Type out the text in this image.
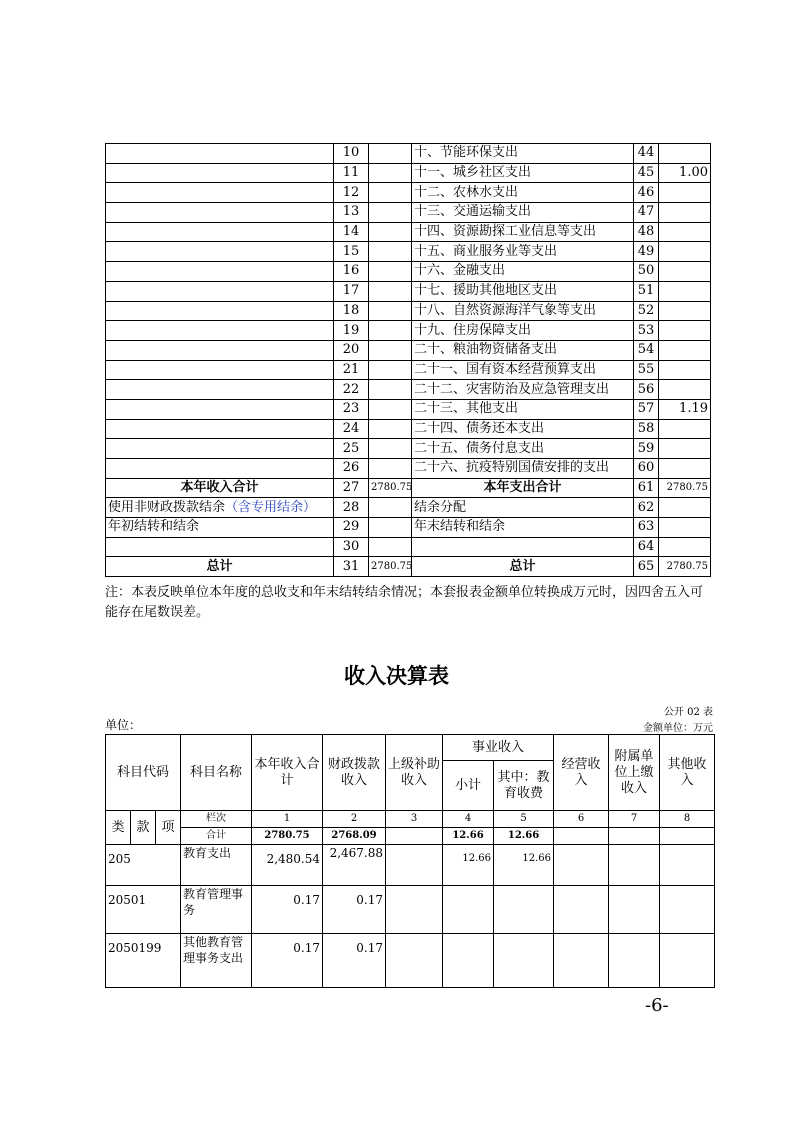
	10		十、节能环保支出	44	
	11		十一、城乡社区支出	45	1.00
	12		十二、农林水支出	46	
	13		十三、交通运输支出	47	
	14		十四、资源勘探工业信息等支出	48	
	15		十五、商业服务业等支出	49	
	16		十六、金融支出	50	
	17		十七、援助其他地区支出	51	
	18		十八、自然资源海洋气象等支出	52	
	19		十九、住房保障支出	53	
	20		二十、粮油物资储备支出	54	
	21		二十一、国有资本经营预算支出	55	
	22		二十二、灾害防治及应急管理支出	56	
	23		二十三、其他支出	57	1.19
	24		二十四、债务还本支出	58	
	25		二十五、债务付息支出	59	
	26		二十六、抗疫特别国债安排的支出	60	
本年收入合计	27	2780.75	本年支出合计	61	2780.75
使用非财政拨款结余（含专用结余）	28		结余分配	62	
年初结转和结余	29		年末结转和结余	63	
	30			64	
总计	31	2780.75	总计	65	2780.75

注：本表反映单位本年度的总收支和年末结转结余情况；本套报表金额单位转换成万元时，因四舍五入可能存在尾数误差。

收入决算表
公开 02 表
单位：	金额单位：万元
科目代码			科目名称	本年收入合计	财政拨款收入	上级补助收入	事业收入		经营收入	附属单位上缴收入	其他收入
							小计	其中：教育收费			
类	款	项	栏次	1	2	3	4	5	6	7	8
			合计	2780.75	2768.09		12.66	12.66			
205			教育支出	2,480.54	2,467.88		12.66	12.66			
20501			教育管理事务	0.17	0.17						
2050199			其他教育管理事务支出	0.17	0.17						
-6-
